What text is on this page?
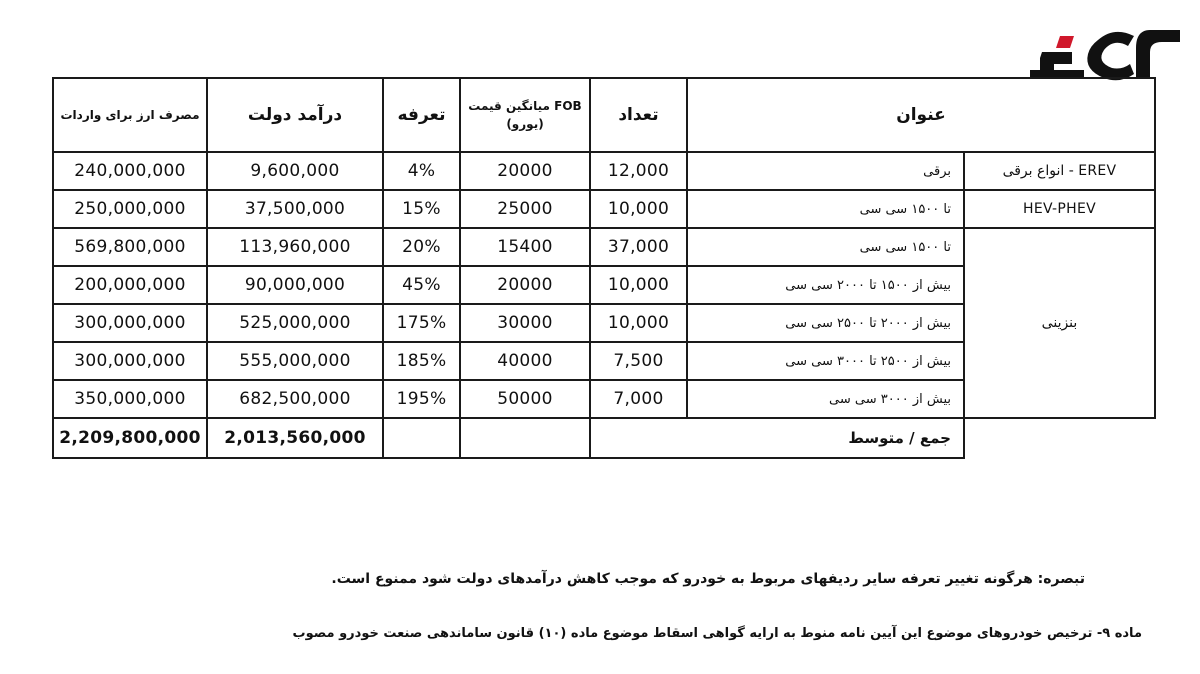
مصرف ارز برای واردات	درآمد دولت	تعرفه	میانگین قیمت FOB (یورو)	تعداد	عنوان	
240,000,000	9,600,000	4%	20000	12,000	برقی	انواع برقی - EREV
250,000,000	37,500,000	15%	25000	10,000	تا ۱۵۰۰ سی سی	HEV-PHEV
569,800,000	113,960,000	20%	15400	37,000	تا ۱۵۰۰ سی سی	بنزینی
200,000,000	90,000,000	45%	20000	10,000	بیش از ۱۵۰۰ تا ۲۰۰۰ سی سی	
300,000,000	525,000,000	175%	30000	10,000	بیش از ۲۰۰۰ تا ۲۵۰۰ سی سی	
300,000,000	555,000,000	185%	40000	7,500	بیش از ۲۵۰۰ تا ۳۰۰۰ سی سی	
350,000,000	682,500,000	195%	50000	7,000	بیش از ۳۰۰۰ سی سی	
2,209,800,000	2,013,560,000			جمع / متوسط		
تبصره: هرگونه تغییر تعرفه سایر ردیفهای مربوط به خودرو که موجب کاهش درآمدهای دولت شود ممنوع است.
ماده ۹- ترخیص خودروهای موضوع این آیین نامه منوط به ارایه گواهی اسقاط موضوع ماده (۱۰) قانون ساماندهی صنعت خودرو مصوب
